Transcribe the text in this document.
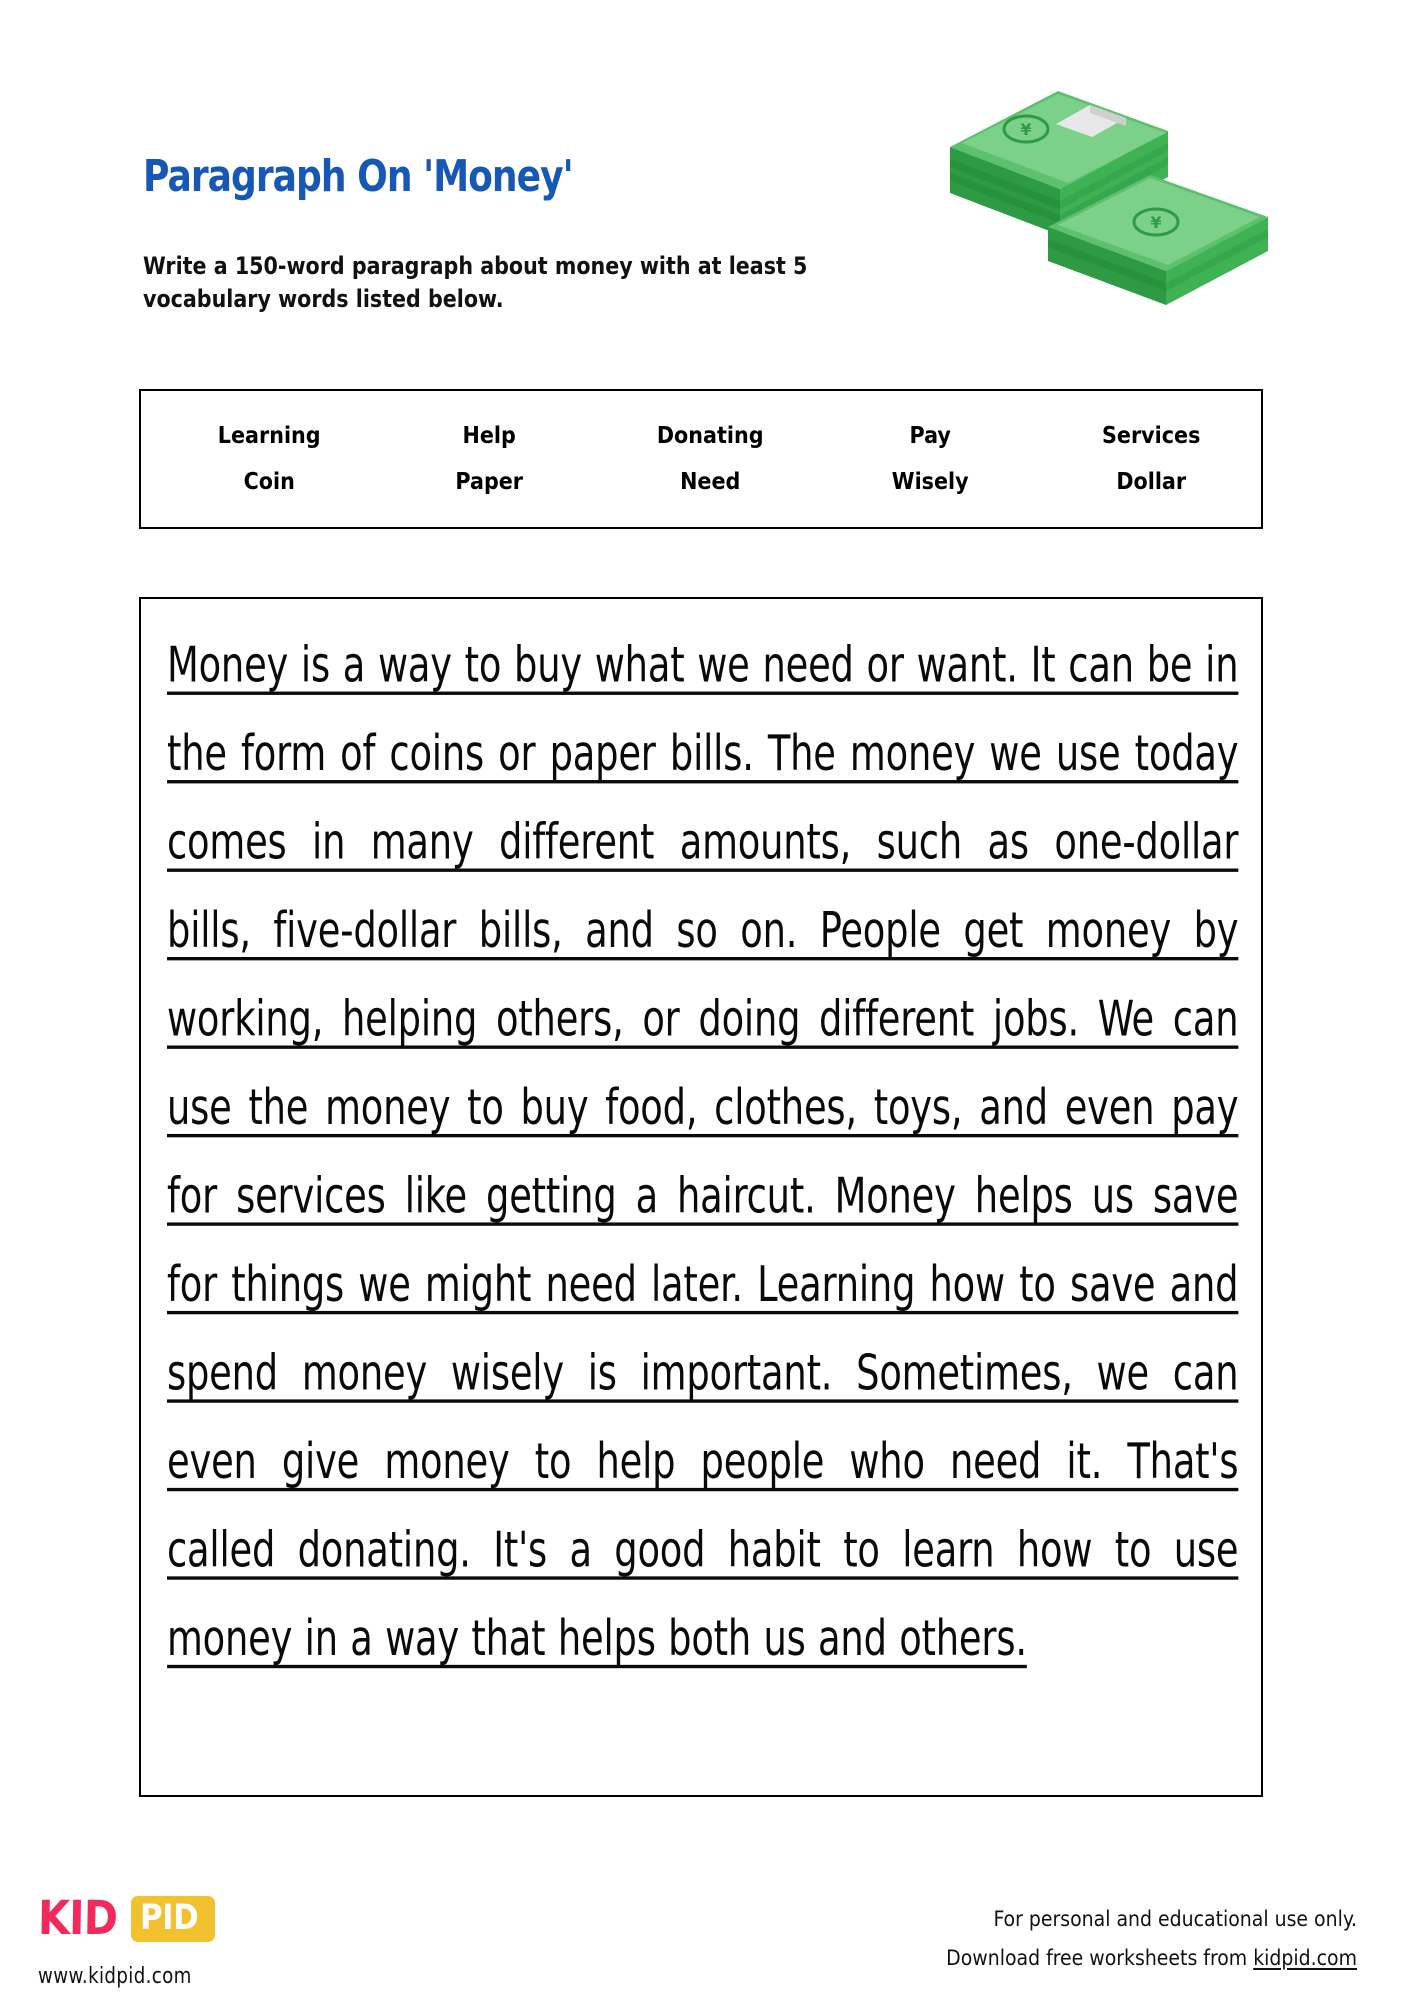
Paragraph On 'Money'
Write a 150-word paragraph about money with at least 5 vocabulary words listed below.
¥
¥
Learning	Help	Donating	Pay	Services
Coin	Paper	Need	Wisely	Dollar
Money is a way to buy what we need or want. It can be in the form of coins or paper bills. The money we use today comes in many different amounts, such as one-dollar bills, five-dollar bills, and so on. People get money by working, helping others, or doing different jobs. We can use the money to buy food, clothes, toys, and even pay for services like getting a haircut. Money helps us save for things we might need later. Learning how to save and spend money wisely is important. Sometimes, we can even give money to help people who need it. That's called donating. It's a good habit to learn how to use money in a way that helps both us and others.
KID PID
www.kidpid.com
For personal and educational use only.
Download free worksheets from kidpid.com
